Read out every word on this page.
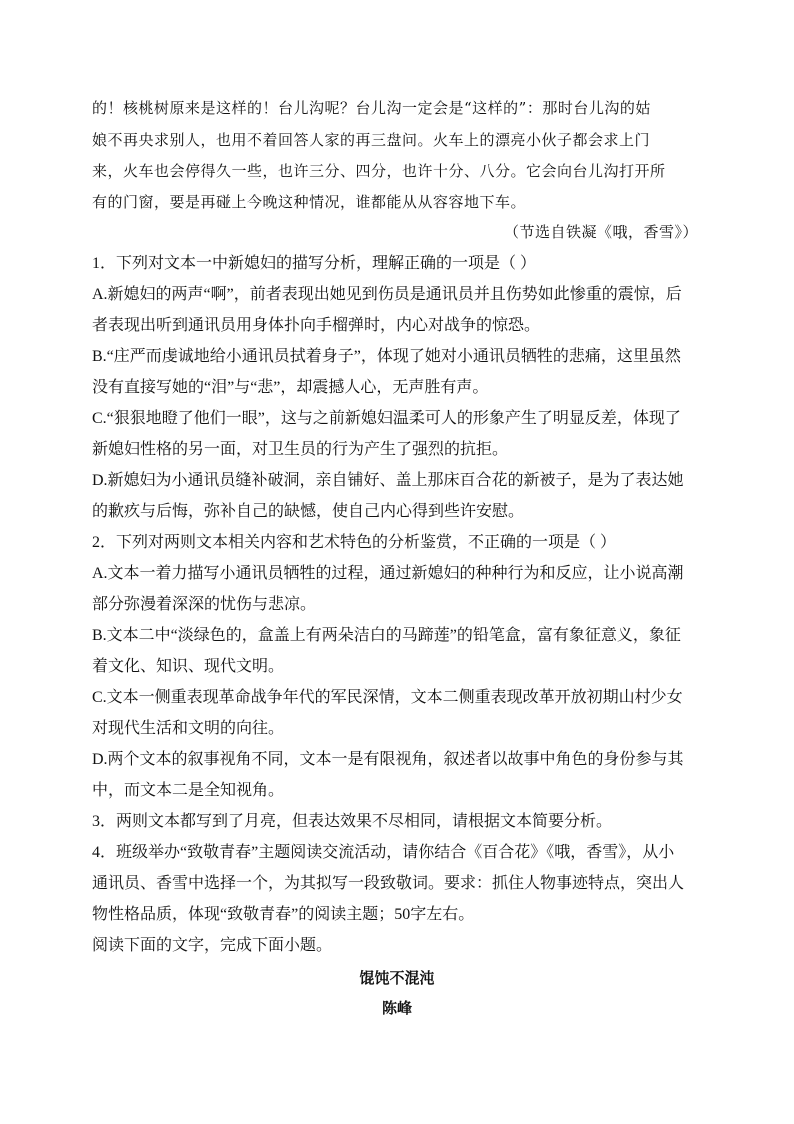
的！核桃树原来是这样的！台儿沟呢？台儿沟一定会是“这样的”：那时台儿沟的姑
娘不再央求别人，也用不着回答人家的再三盘问。火车上的漂亮小伙子都会求上门
来，火车也会停得久一些，也许三分、四分，也许十分、八分。它会向台儿沟打开所
有的门窗，要是再碰上今晚这种情况，谁都能从从容容地下车。
（节选自铁凝《哦，香雪》）
1．下列对文本一中新媳妇的描写分析，理解正确的一项是（ ）
A.新媳妇的两声“啊”，前者表现出她见到伤员是通讯员并且伤势如此惨重的震惊，后
者表现出听到通讯员用身体扑向手榴弹时，内心对战争的惊恐。
B.“庄严而虔诚地给小通讯员拭着身子”，体现了她对小通讯员牺牲的悲痛，这里虽然
没有直接写她的“泪”与“悲”，却震撼人心，无声胜有声。
C.“狠狠地瞪了他们一眼”，这与之前新媳妇温柔可人的形象产生了明显反差，体现了
新媳妇性格的另一面，对卫生员的行为产生了强烈的抗拒。
D.新媳妇为小通讯员缝补破洞，亲自铺好、盖上那床百合花的新被子，是为了表达她
的歉疚与后悔，弥补自己的缺憾，使自己内心得到些许安慰。
2．下列对两则文本相关内容和艺术特色的分析鉴赏，不正确的一项是（ ）
A.文本一着力描写小通讯员牺牲的过程，通过新媳妇的种种行为和反应，让小说高潮
部分弥漫着深深的忧伤与悲凉。
B.文本二中“淡绿色的，盒盖上有两朵洁白的马蹄莲”的铅笔盒，富有象征意义，象征
着文化、知识、现代文明。
C.文本一侧重表现革命战争年代的军民深情，文本二侧重表现改革开放初期山村少女
对现代生活和文明的向往。
D.两个文本的叙事视角不同，文本一是有限视角，叙述者以故事中角色的身份参与其
中，而文本二是全知视角。
3．两则文本都写到了月亮，但表达效果不尽相同，请根据文本简要分析。
4．班级举办“致敬青春”主题阅读交流活动，请你结合《百合花》《哦，香雪》，从小
通讯员、香雪中选择一个，为其拟写一段致敬词。要求：抓住人物事迹特点，突出人
物性格品质，体现“致敬青春”的阅读主题；50字左右。
阅读下面的文字，完成下面小题。
馄饨不混沌
陈峰
